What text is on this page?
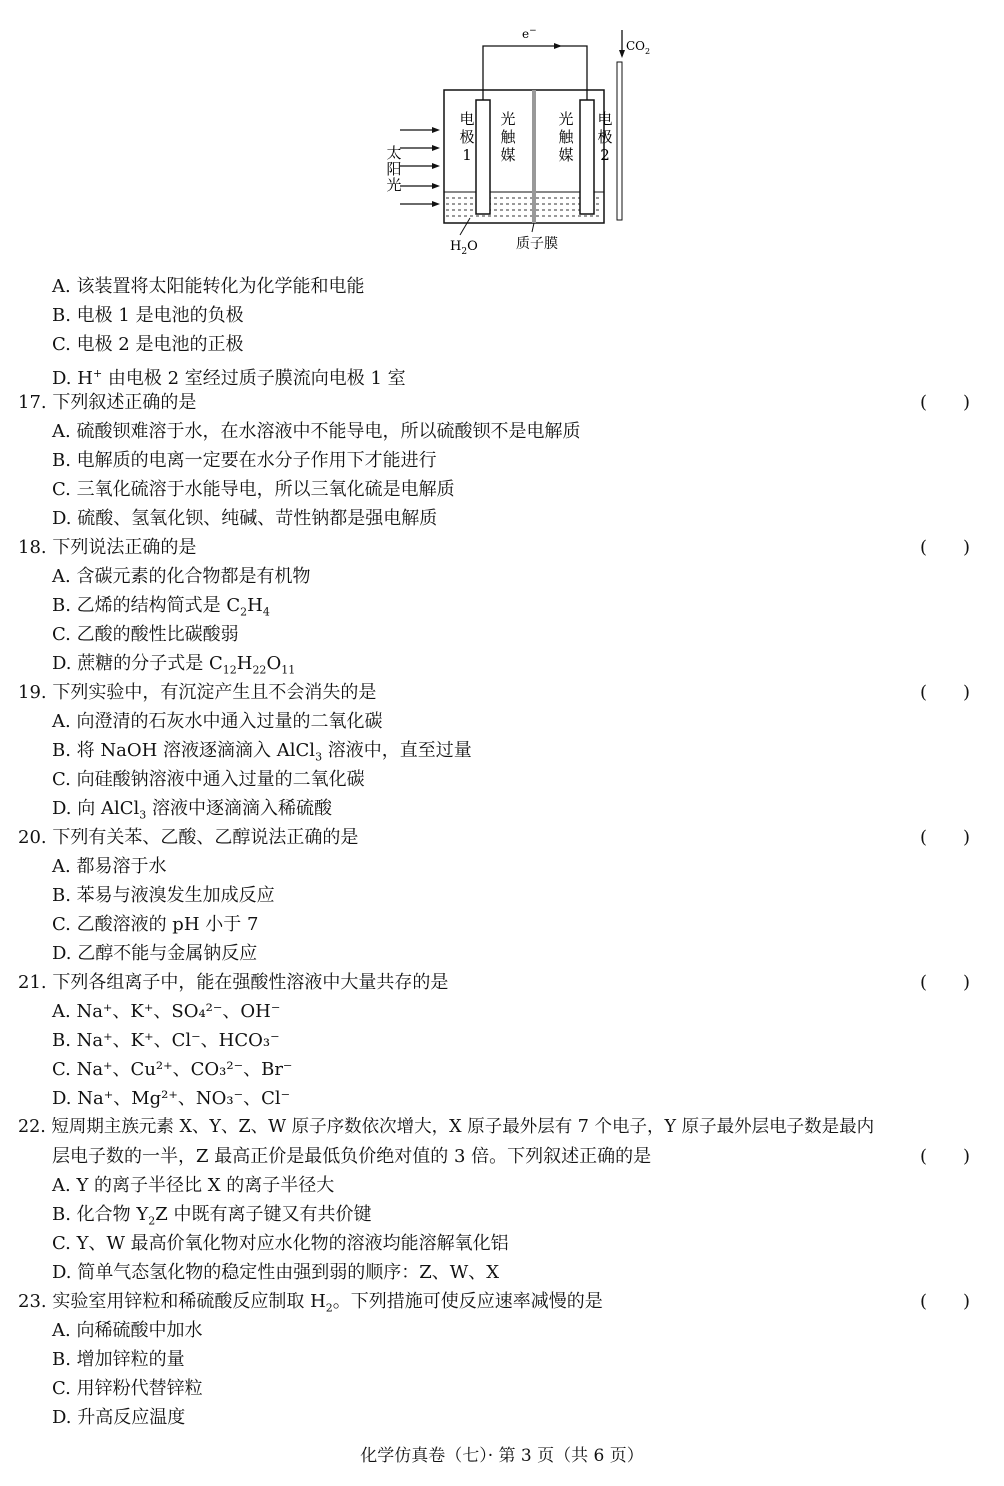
e−
$CO_2$
电
极
1
光
触
媒
光
触
媒
电
极
2
太
阳
光
$H_2O$	质子膜
A. 该装置将太阳能转化为化学能和电能
B. 电极 1 是电池的负极
C. 电极 2 是电池的正极
D. H+ 由电极 2 室经过质子膜流向电极 1 室
17. 下列叙述正确的是	(　　)
A. 硫酸钡难溶于水，在水溶液中不能导电，所以硫酸钡不是电解质
B. 电解质的电离一定要在水分子作用下才能进行
C. 三氧化硫溶于水能导电，所以三氧化硫是电解质
D. 硫酸、氢氧化钡、纯碱、苛性钠都是强电解质
18. 下列说法正确的是	(　　)
A. 含碳元素的化合物都是有机物
B. 乙烯的结构简式是 $C_2H_4$
C. 乙酸的酸性比碳酸弱
D. 蔗糖的分子式是 $C_{12}H_{22}O_{11}$
19. 下列实验中，有沉淀产生且不会消失的是	(　　)
A. 向澄清的石灰水中通入过量的二氧化碳
B. 将 NaOH 溶液逐滴滴入 AlCl$_3$ 溶液中，直至过量
C. 向硅酸钠溶液中通入过量的二氧化碳
D. 向 AlCl$_3$ 溶液中逐滴滴入稀硫酸
20. 下列有关苯、乙酸、乙醇说法正确的是	(　　)
A. 都易溶于水
B. 苯易与液溴发生加成反应
C. 乙酸溶液的 pH 小于 7
D. 乙醇不能与金属钠反应
21. 下列各组离子中，能在强酸性溶液中大量共存的是	(　　)
A. Na⁺、K⁺、SO₄²⁻、OH⁻
B. Na⁺、K⁺、Cl⁻、HCO₃⁻
C. Na⁺、Cu²⁺、CO₃²⁻、Br⁻
D. Na⁺、Mg²⁺、NO₃⁻、Cl⁻
22. 短周期主族元素 X、Y、Z、W 原子序数依次增大，X 原子最外层有 7 个电子，Y 原子最外层电子数是最内
层电子数的一半，Z 最高正价是最低负价绝对值的 3 倍。下列叙述正确的是	(　　)
A. Y 的离子半径比 X 的离子半径大
B. 化合物 $Y_2Z$ 中既有离子键又有共价键
C. Y、W 最高价氧化物对应水化物的溶液均能溶解氧化铝
D. 简单气态氢化物的稳定性由强到弱的顺序：Z、W、X
23. 实验室用锌粒和稀硫酸反应制取 $H_2$。下列措施可使反应速率减慢的是	(　　)
A. 向稀硫酸中加水
B. 增加锌粒的量
C. 用锌粉代替锌粒
D. 升高反应温度
化学仿真卷（七）· 第 3 页（共 6 页）
